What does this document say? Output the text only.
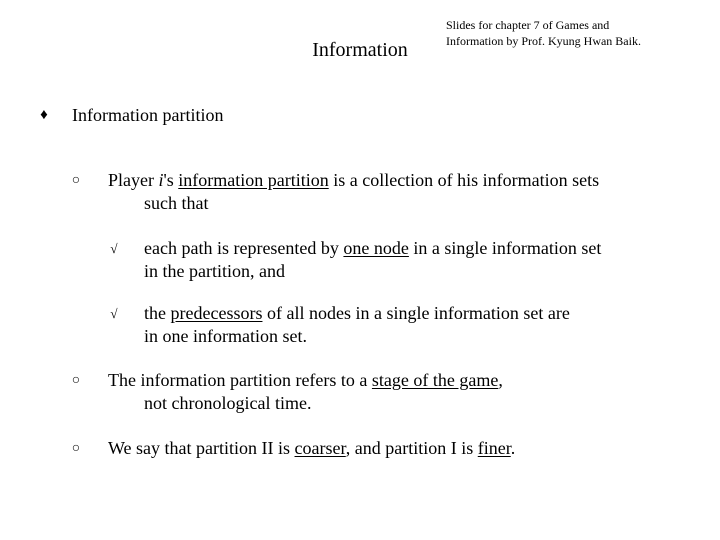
Slides for chapter 7 of Games and
Information by Prof. Kyung Hwan Baik.
Information
♦	Information partition
○ Player i's information partition is a collection of his information sets
such that
√ each path is represented by one node in a single information set
in the partition, and
√ the predecessors of all nodes in a single information set are
in one information set.
○ The information partition refers to a stage of the game,
not chronological time.
○ We say that partition II is coarser, and partition I is finer.
